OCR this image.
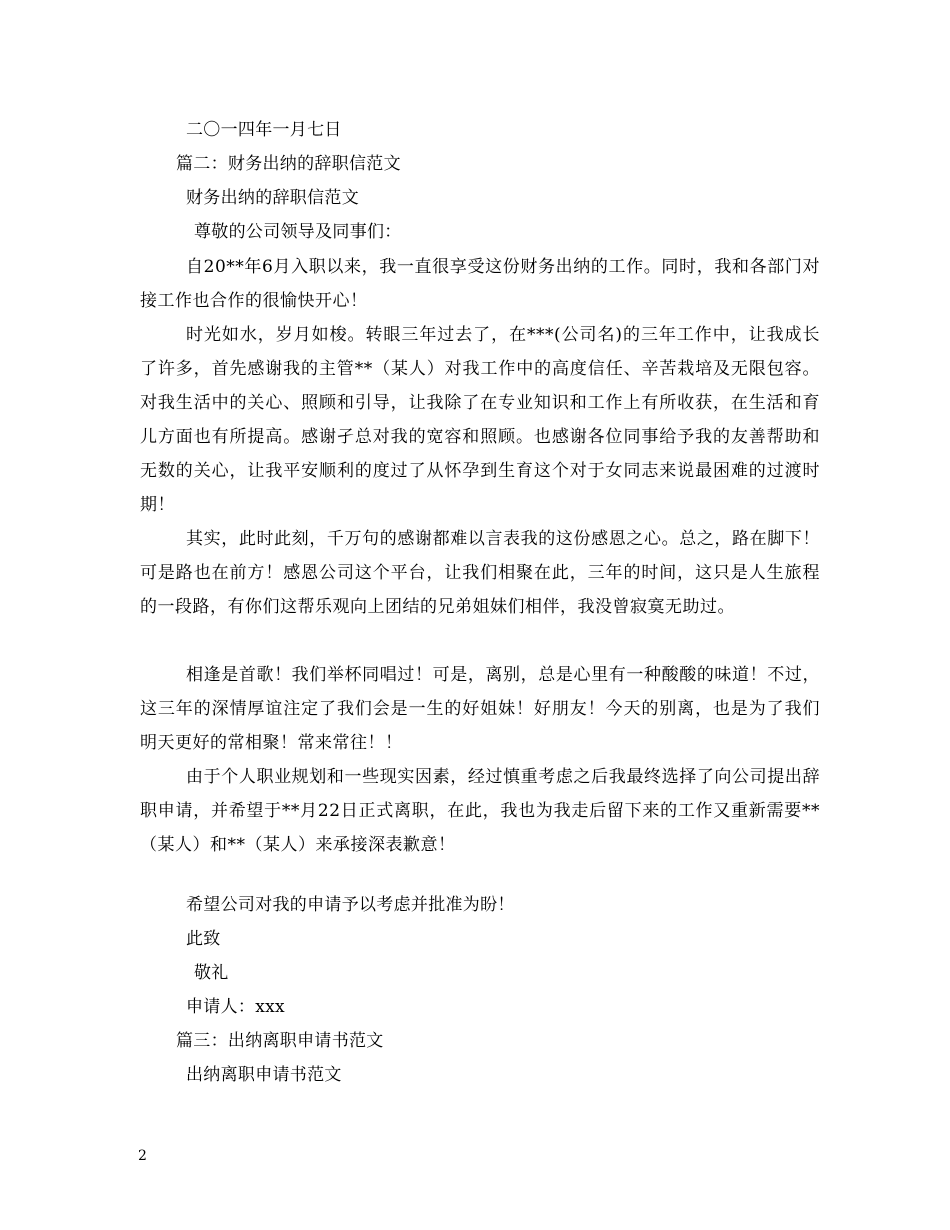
二〇一四年一月七日
篇二：财务出纳的辞职信范文
财务出纳的辞职信范文
尊敬的公司领导及同事们：
自20**年6月入职以来，我一直很享受这份财务出纳的工作。同时，我和各部门对接工作也合作的很愉快开心！
时光如水，岁月如梭。转眼三年过去了，在***(公司名)的三年工作中，让我成长了许多，首先感谢我的主管**（某人）对我工作中的高度信任、辛苦栽培及无限包容。对我生活中的关心、照顾和引导，让我除了在专业知识和工作上有所收获，在生活和育儿方面也有所提高。感谢孑总对我的宽容和照顾。也感谢各位同事给予我的友善帮助和无数的关心，让我平安顺利的度过了从怀孕到生育这个对于女同志来说最困难的过渡时期！
其实，此时此刻，千万句的感谢都难以言表我的这份感恩之心。总之，路在脚下！可是路也在前方！感恩公司这个平台，让我们相聚在此，三年的时间，这只是人生旅程的一段路，有你们这帮乐观向上团结的兄弟姐妹们相伴，我没曾寂寞无助过。
相逢是首歌！我们举杯同唱过！可是，离别，总是心里有一种酸酸的味道！不过，这三年的深情厚谊注定了我们会是一生的好姐妹！好朋友！今天的别离，也是为了我们明天更好的常相聚！常来常往！！
由于个人职业规划和一些现实因素，经过慎重考虑之后我最终选择了向公司提出辞职申请，并希望于**月22日正式离职，在此，我也为我走后留下来的工作又重新需要**（某人）和**（某人）来承接深表歉意！
希望公司对我的申请予以考虑并批准为盼！
此致
敬礼
申请人：xxx
篇三：出纳离职申请书范文
出纳离职申请书范文
2
